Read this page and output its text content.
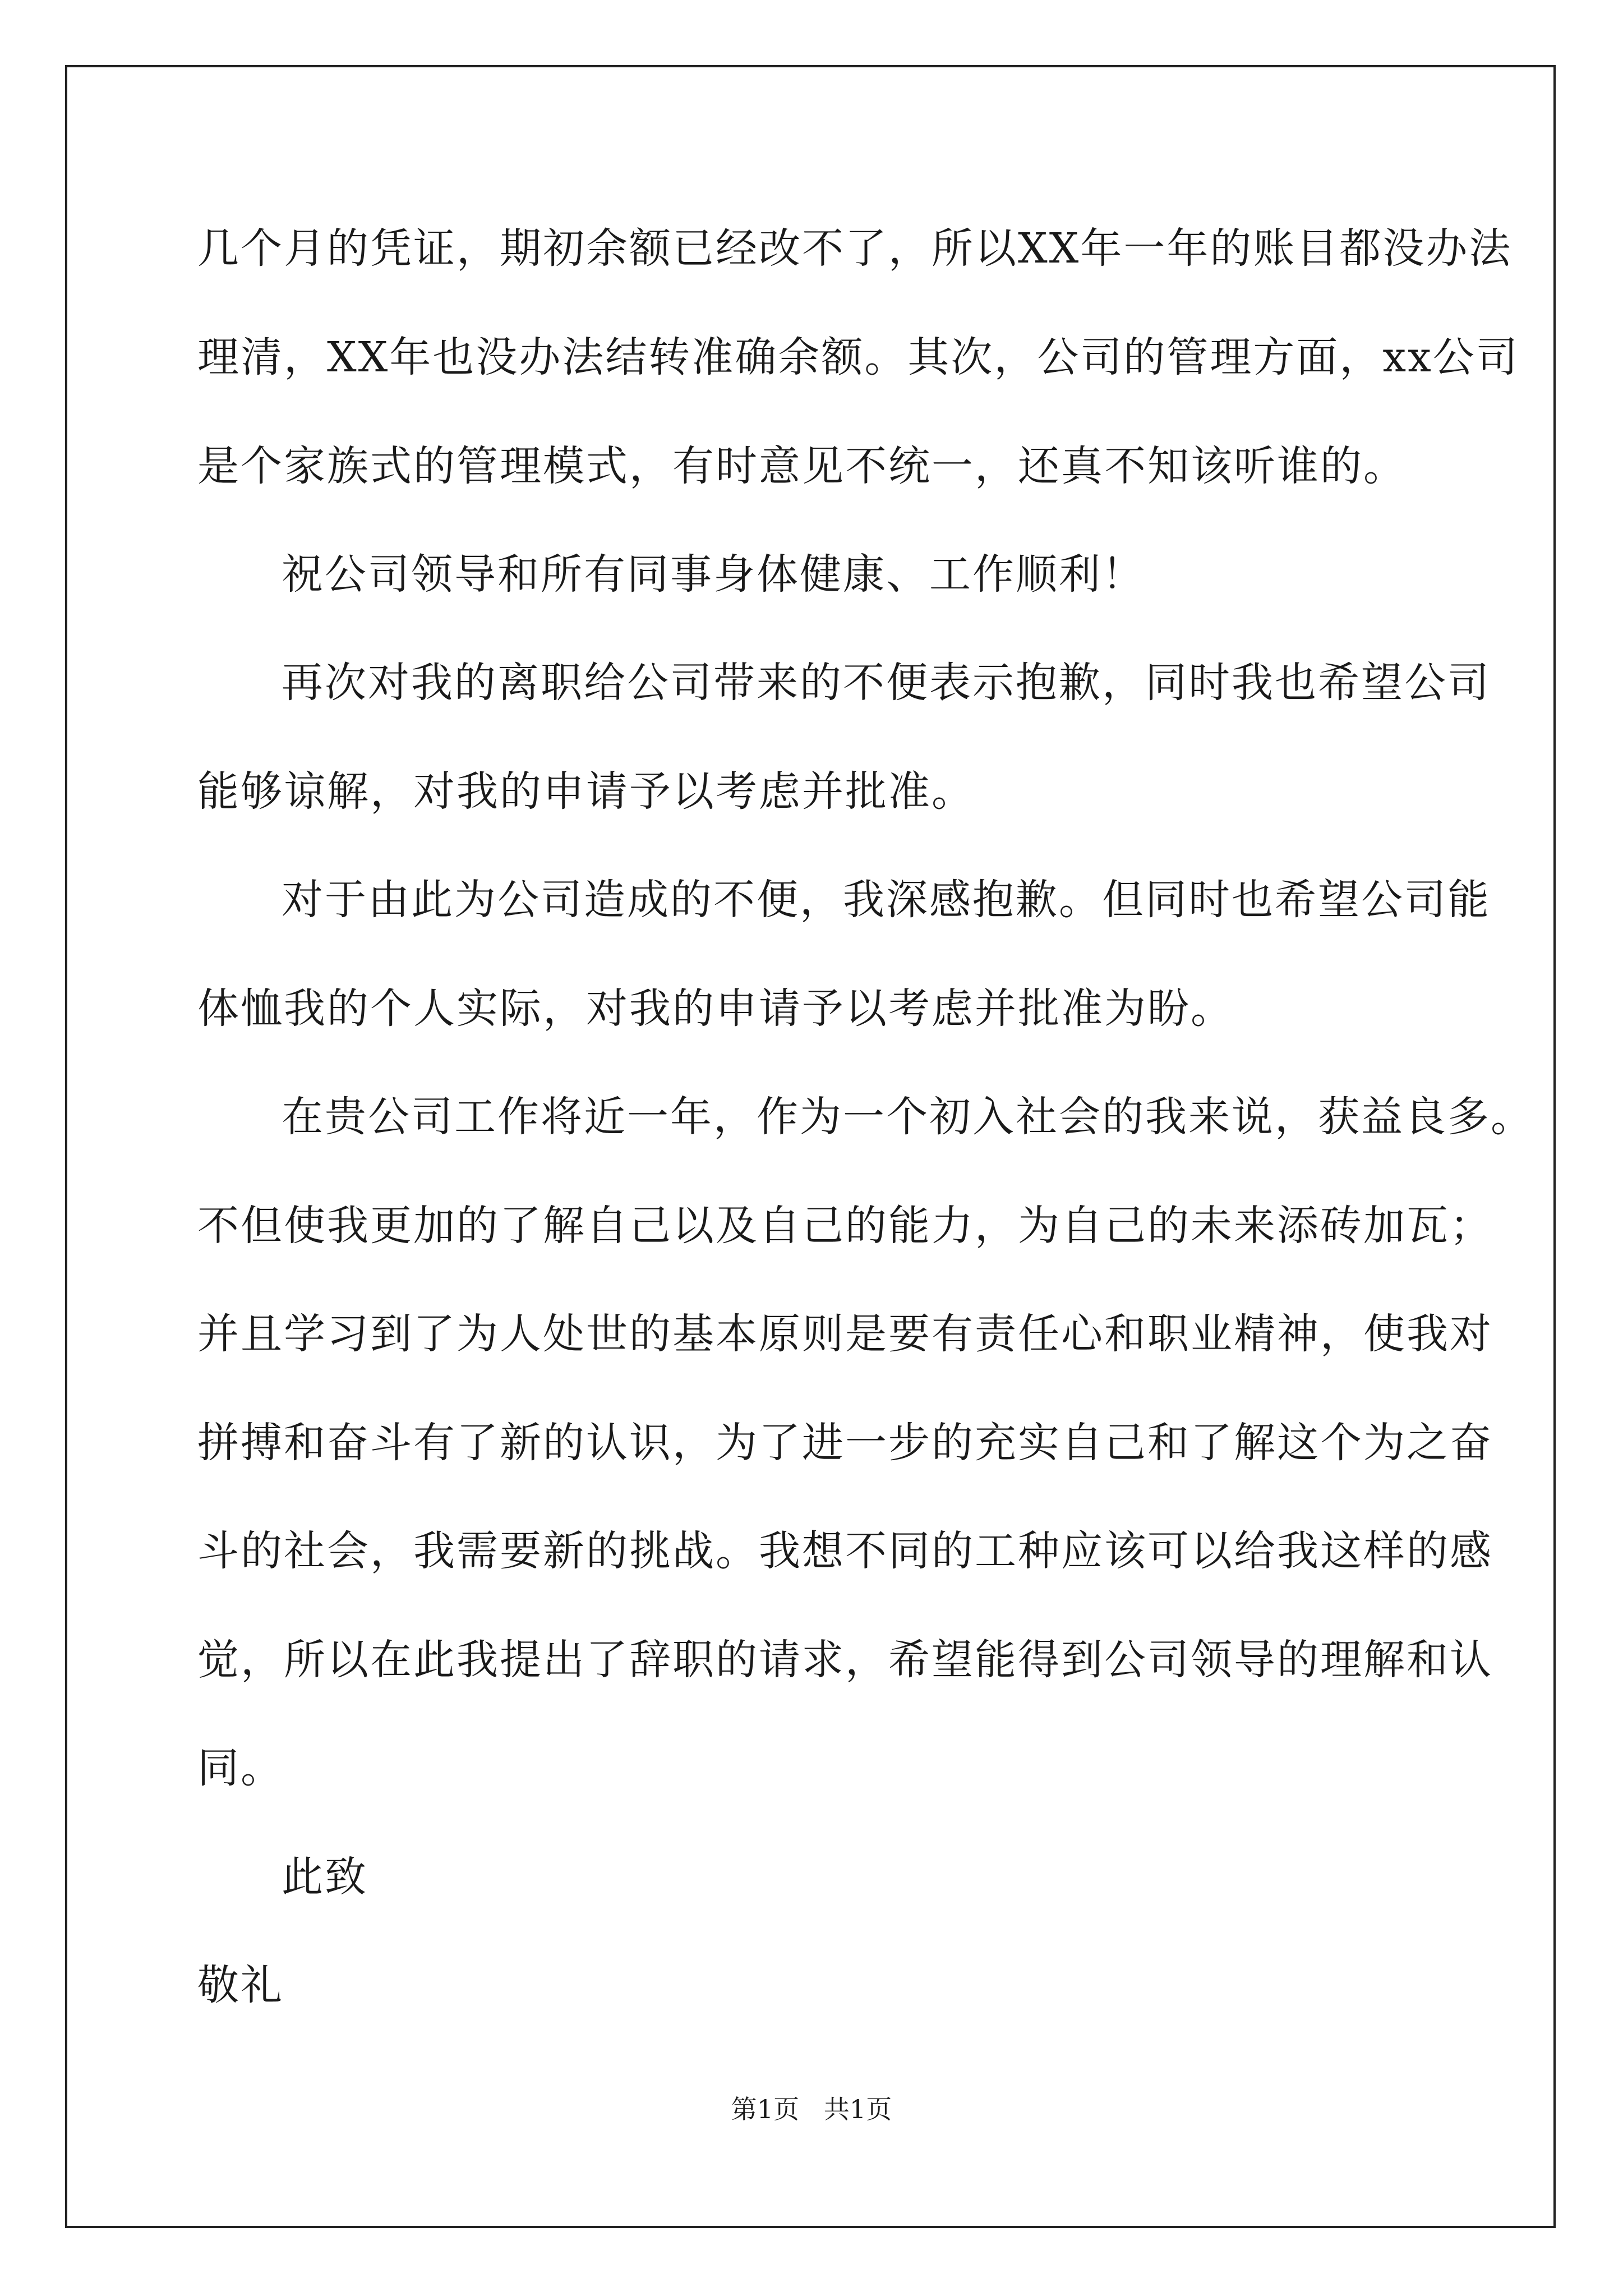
几个月的凭证，期初余额已经改不了，所以XX年一年的账目都没办法
理清，XX年也没办法结转准确余额。其次，公司的管理方面，xx公司
是个家族式的管理模式，有时意见不统一，还真不知该听谁的。
祝公司领导和所有同事身体健康、工作顺利！
再次对我的离职给公司带来的不便表示抱歉，同时我也希望公司
能够谅解，对我的申请予以考虑并批准。
对于由此为公司造成的不便，我深感抱歉。但同时也希望公司能
体恤我的个人实际，对我的申请予以考虑并批准为盼。
在贵公司工作将近一年，作为一个初入社会的我来说，获益良多。
不但使我更加的了解自己以及自己的能力，为自己的未来添砖加瓦；
并且学习到了为人处世的基本原则是要有责任心和职业精神，使我对
拼搏和奋斗有了新的认识，为了进一步的充实自己和了解这个为之奋
斗的社会，我需要新的挑战。我想不同的工种应该可以给我这样的感
觉，所以在此我提出了辞职的请求，希望能得到公司领导的理解和认
同。
此致
敬礼
第1页   共1页
